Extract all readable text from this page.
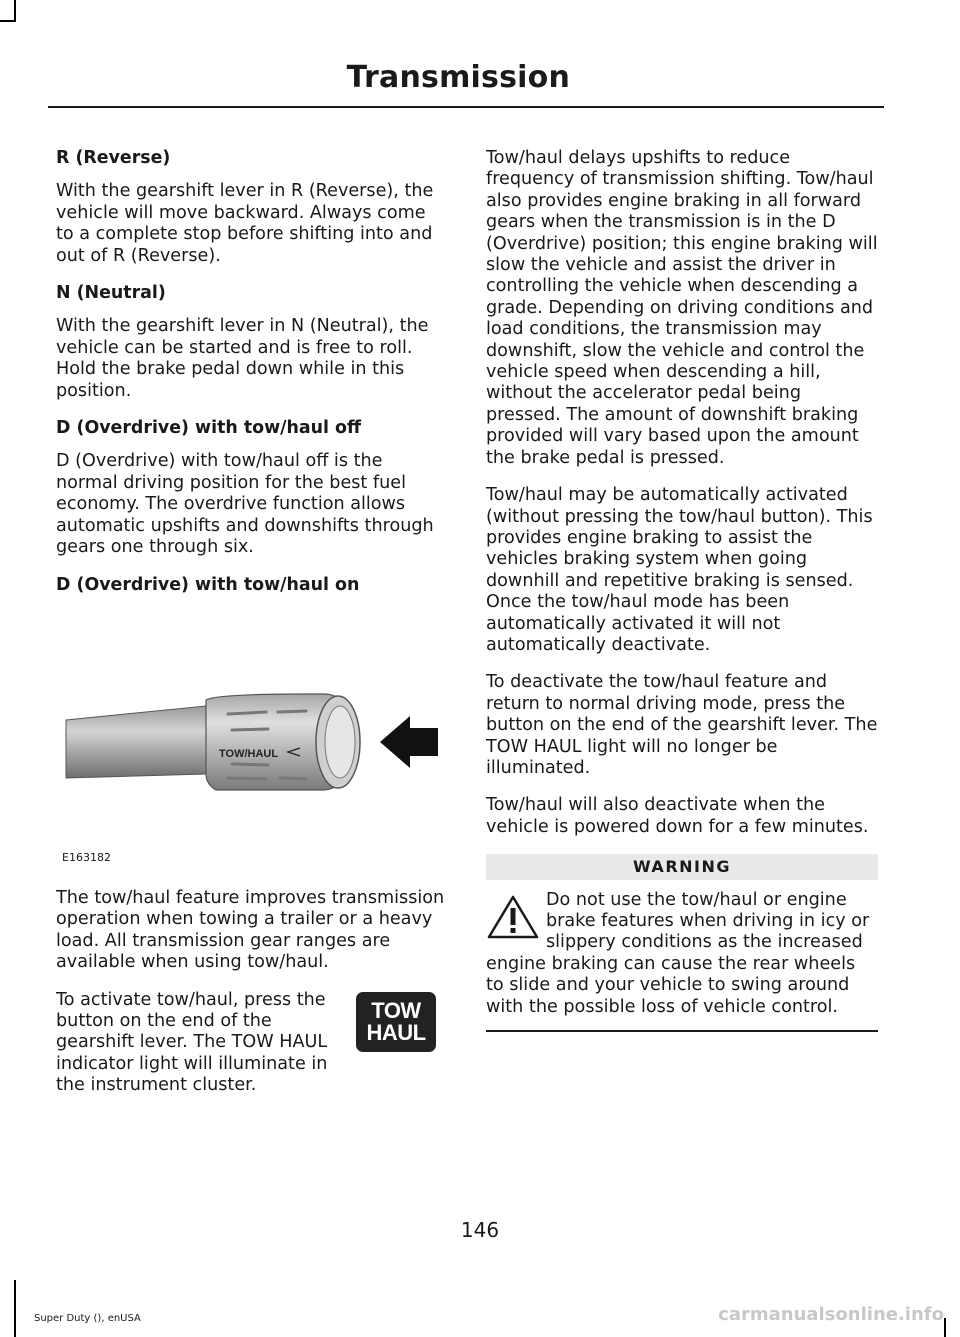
Transmission
R (Reverse)

With the gearshift lever in R (Reverse), the vehicle will move backward. Always come to a complete stop before shifting into and out of R (Reverse).

N (Neutral)

With the gearshift lever in N (Neutral), the vehicle can be started and is free to roll. Hold the brake pedal down while in this position.

D (Overdrive) with tow/haul off

D (Overdrive) with tow/haul off is the normal driving position for the best fuel economy. The overdrive function allows automatic upshifts and downshifts through gears one through six.

D (Overdrive) with tow/haul on
TOW/HAUL
E163182

The tow/haul feature improves transmission operation when towing a trailer or a heavy load. All transmission gear ranges are available when using tow/haul.

TOW
HAUL
To activate tow/haul, press the button on the end of the gearshift lever. The TOW HAUL indicator light will illuminate in the instrument cluster.

Tow/haul delays upshifts to reduce frequency of transmission shifting. Tow/haul also provides engine braking in all forward gears when the transmission is in the D (Overdrive) position; this engine braking will slow the vehicle and assist the driver in controlling the vehicle when descending a grade. Depending on driving conditions and load conditions, the transmission may downshift, slow the vehicle and control the vehicle speed when descending a hill, without the accelerator pedal being pressed. The amount of downshift braking provided will vary based upon the amount the brake pedal is pressed.

Tow/haul may be automatically activated (without pressing the tow/haul button). This provides engine braking to assist the vehicles braking system when going downhill and repetitive braking is sensed. Once the tow/haul mode has been automatically activated it will not automatically deactivate.

To deactivate the tow/haul feature and return to normal driving mode, press the button on the end of the gearshift lever. The TOW HAUL light will no longer be illuminated.

Tow/haul will also deactivate when the vehicle is powered down for a few minutes.

WARNING
Do not use the tow/haul or engine brake features when driving in icy or slippery conditions as the increased engine braking can cause the rear wheels to slide and your vehicle to swing around with the possible loss of vehicle control.
146
Super Duty (), enUSA	carmanualsonline.info
